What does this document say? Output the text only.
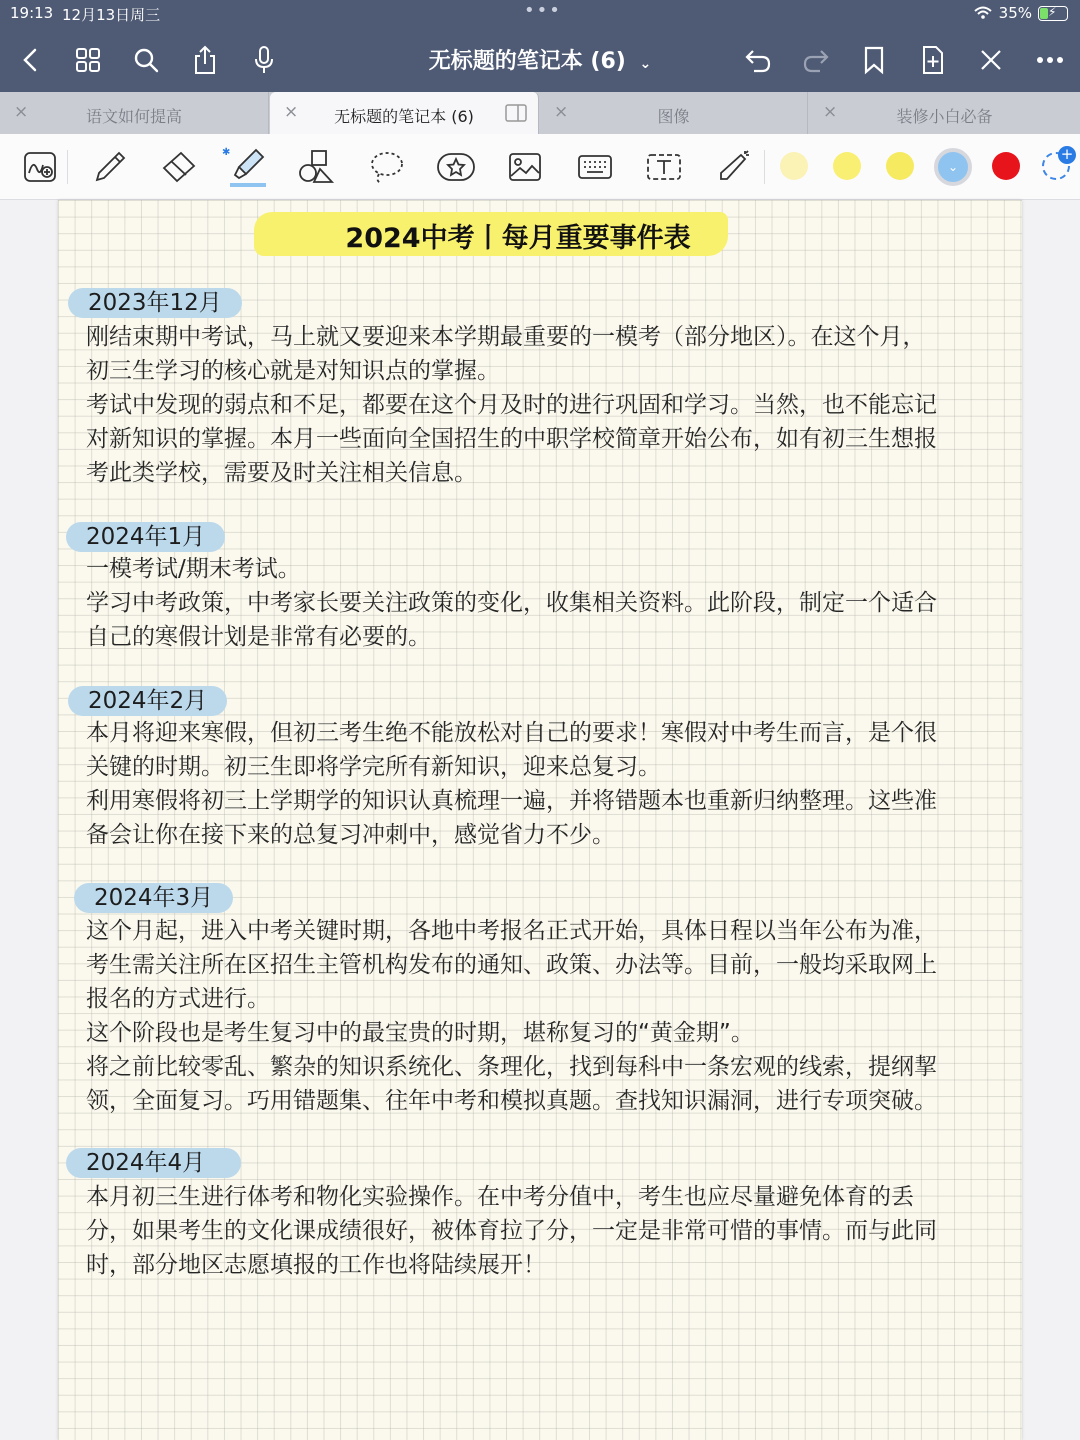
19:13 12月13日周三	•••	35% ⚡
无标题的笔记本 (6) ⌄
×	语文如何提高	×	无标题的笔记本 (6)	×	图像	×	装修小白必备
✱
⌄
+
2024中考丨每月重要事件表
2023年12月
刚结束期中考试，马上就又要迎来本学期最重要的一模考（部分地区）。在这个月，
初三生学习的核心就是对知识点的掌握。
考试中发现的弱点和不足，都要在这个月及时的进行巩固和学习。当然，也不能忘记
对新知识的掌握。本月一些面向全国招生的中职学校简章开始公布，如有初三生想报
考此类学校，需要及时关注相关信息。
2024年1月
一模考试/期末考试。
学习中考政策，中考家长要关注政策的变化，收集相关资料。此阶段，制定一个适合
自己的寒假计划是非常有必要的。
2024年2月
本月将迎来寒假，但初三考生绝不能放松对自己的要求！寒假对中考生而言，是个很
关键的时期。初三生即将学完所有新知识，迎来总复习。
利用寒假将初三上学期学的知识认真梳理一遍，并将错题本也重新归纳整理。这些准
备会让你在接下来的总复习冲刺中，感觉省力不少。
2024年3月
这个月起，进入中考关键时期，各地中考报名正式开始，具体日程以当年公布为准，
考生需关注所在区招生主管机构发布的通知、政策、办法等。目前，一般均采取网上
报名的方式进行。
这个阶段也是考生复习中的最宝贵的时期，堪称复习的“黄金期”。
将之前比较零乱、繁杂的知识系统化、条理化，找到每科中一条宏观的线索，提纲挈
领，全面复习。巧用错题集、往年中考和模拟真题。查找知识漏洞，进行专项突破。
2024年4月
本月初三生进行体考和物化实验操作。在中考分值中，考生也应尽量避免体育的丢
分，如果考生的文化课成绩很好，被体育拉了分，一定是非常可惜的事情。而与此同
时，部分地区志愿填报的工作也将陆续展开！
